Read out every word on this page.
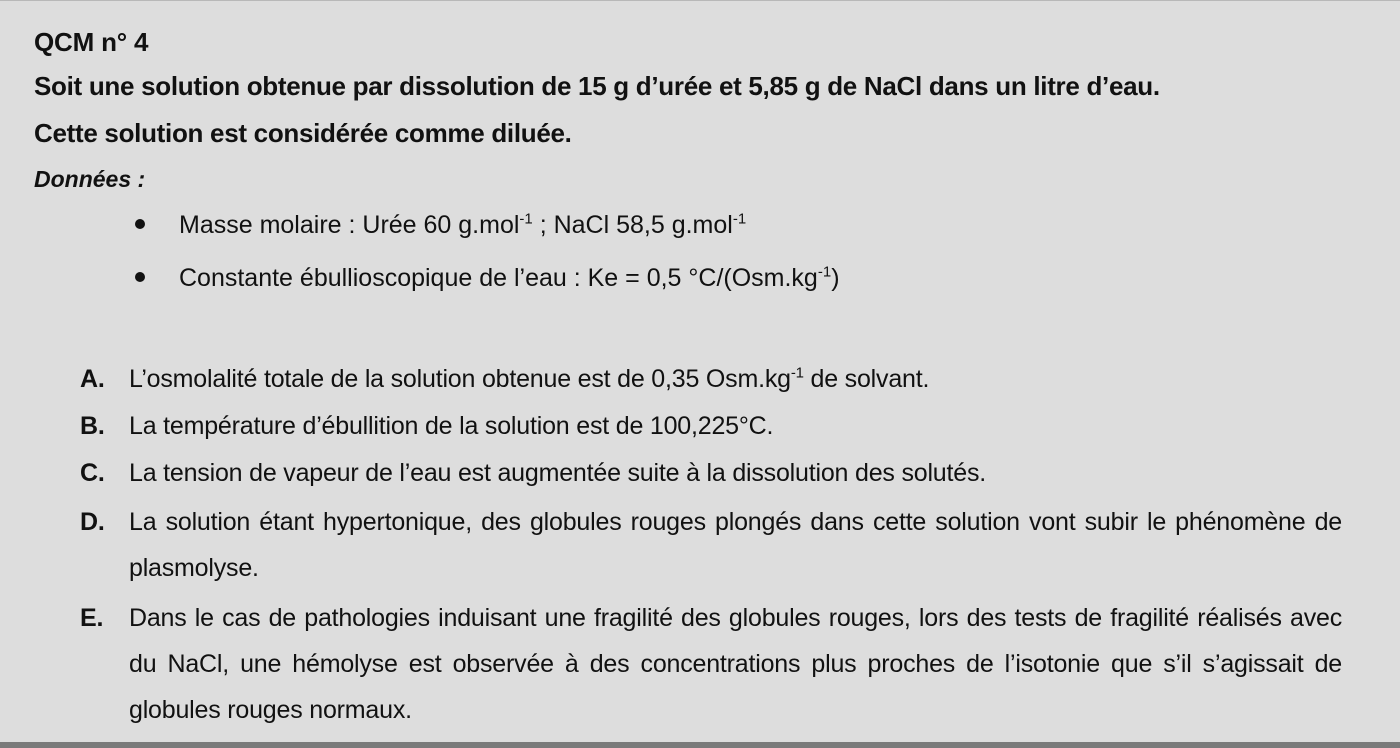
QCM n° 4
Soit une solution obtenue par dissolution de 15 g d’urée et 5,85 g de NaCl dans un litre d’eau.
Cette solution est considérée comme diluée.
Données :
Masse molaire : Urée 60 g.mol$^{-1}$ ; NaCl 58,5 g.mol$^{-1}$
Constante ébullioscopique de l’eau : Ke = 0,5 $^\circ C/(Osm.kg^{-1})$
A. L’osmolalité totale de la solution obtenue est de 0,35 $Osm.kg^{-1}$ de solvant.
B. La température d’ébullition de la solution est de 100,225°C.
C. La tension de vapeur de l’eau est augmentée suite à la dissolution des solutés.
D. La solution étant hypertonique, des globules rouges plongés dans cette solution vont subir le phénomène de plasmolyse.
E.	Dans le cas de pathologies induisant une fragilité des globules rouges, lors des tests de fragilité réalisés avec du NaCl, une hémolyse est observée à des concentrations plus proches de l’isotonie que s’il s’agissait de globules rouges normaux.
